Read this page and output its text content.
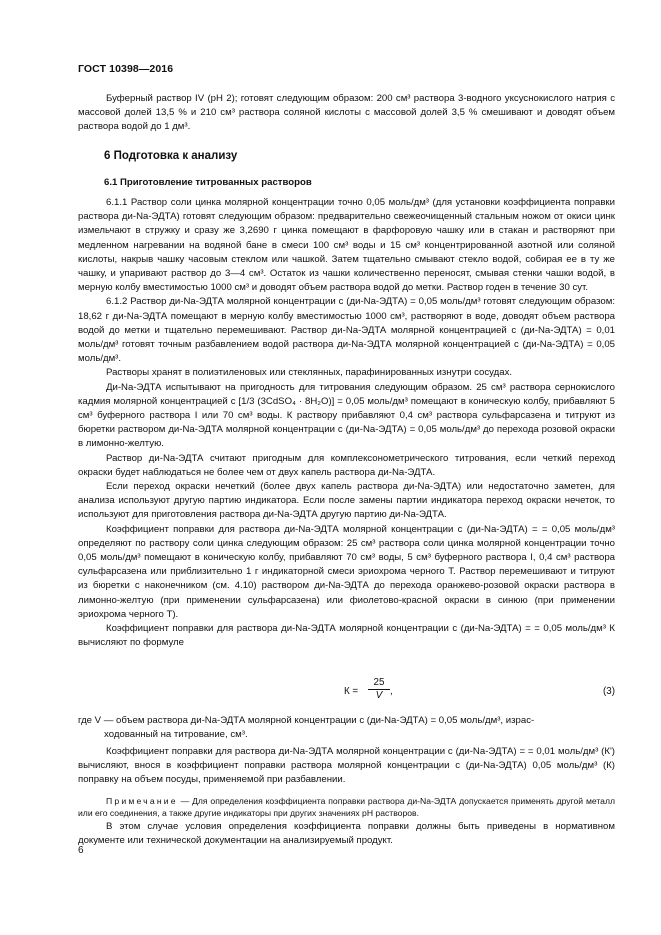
ГОСТ 10398—2016

Буферный раствор IV (pH 2); готовят следующим образом: 200 см³ раствора 3-водного уксуснокислого натрия с массовой долей 13,5 % и 210 см³ раствора соляной кислоты с массовой долей 3,5 % смешивают и доводят объем раствора водой до 1 дм³.

6 Подготовка к анализу
6.1 Приготовление титрованных растворов

6.1.1 Раствор соли цинка молярной концентрации точно 0,05 моль/дм³ (для установки коэффициента поправки раствора ди-Na-ЭДТА) готовят следующим образом: предварительно свежеочищенный стальным ножом от окиси цинк измельчают в стружку и сразу же 3,2690 г цинка помещают в фарфоровую чашку или в стакан и растворяют при медленном нагревании на водяной бане в смеси 100 см³ воды и 15 см³ концентрированной азотной или соляной кислоты, накрыв чашку часовым стеклом или чашкой. Затем тщательно смывают стекло водой, собирая ее в ту же чашку, и упаривают раствор до 3—4 см³. Остаток из чашки количественно переносят, смывая стенки чашки водой, в мерную колбу вместимостью 1000 см³ и доводят объем раствора водой до метки. Раствор годен в течение 30 сут.

6.1.2 Раствор ди-Na-ЭДТА молярной концентрации c (ди-Na-ЭДТА) = 0,05 моль/дм³ готовят следующим образом: 18,62 г ди-Na-ЭДТА помещают в мерную колбу вместимостью 1000 см³, растворяют в воде, доводят объем раствора водой до метки и тщательно перемешивают. Раствор ди-Na-ЭДТА молярной концентрацией c (ди-Na-ЭДТА) = 0,01 моль/дм³ готовят точным разбавлением водой раствора ди-Na-ЭДТА молярной концентрацией c (ди-Na-ЭДТА) = 0,05 моль/дм³.

Растворы хранят в полиэтиленовых или стеклянных, парафинированных изнутри сосудах.

Ди-Na-ЭДТА испытывают на пригодность для титрования следующим образом. 25 см³ раствора сернокислого кадмия молярной концентрацией c [1/3 (3CdSO₄ · 8H₂O)] = 0,05 моль/дм³ помещают в коническую колбу, прибавляют 5 см³ буферного раствора I или 70 см³ воды. К раствору прибавляют 0,4 см³ раствора сульфарсазена и титруют из бюретки раствором ди-Na-ЭДТА молярной концентрации c (ди-Na-ЭДТА) = 0,05 моль/дм³ до перехода розовой окраски в лимонно-желтую.

Раствор ди-Na-ЭДТА считают пригодным для комплексонометрического титрования, если четкий переход окраски будет наблюдаться не более чем от двух капель раствора ди-Na-ЭДТА.

Если переход окраски нечеткий (более двух капель раствора ди-Na-ЭДТА) или недостаточно заметен, для анализа используют другую партию индикатора. Если после замены партии индикатора переход окраски нечеток, то используют для приготовления раствора ди-Na-ЭДТА другую партию ди-Na-ЭДТА.

Коэффициент поправки для раствора ди-Na-ЭДТА молярной концентрации c (ди-Na-ЭДТА) = = 0,05 моль/дм³ определяют по раствору соли цинка следующим образом: 25 см³ раствора соли цинка молярной концентрации точно 0,05 моль/дм³ помещают в коническую колбу, прибавляют 70 см³ воды, 5 см³ буферного раствора I, 0,4 см³ раствора сульфарсазена или приблизительно 1 г индикаторной смеси эриохрома черного Т. Раствор перемешивают и титруют из бюретки с наконечником (см. 4.10) раствором ди-Na-ЭДТА до перехода оранжево-розовой окраски раствора в лимонно-желтую (при применении сульфарсазена) или фиолетово-красной окраски в синюю (при применении эриохрома черного Т).

Коэффициент поправки для раствора ди-Na-ЭДТА молярной концентрации c (ди-Na-ЭДТА) = = 0,05 моль/дм³ К вычисляют по формуле

$К = \frac{25}{V}$ ,	(3)

где V — объем раствора ди-Na-ЭДТА молярной концентрации c (ди-Na-ЭДТА) = 0,05 моль/дм³, израс-

ходованный на титрование, см³.

Коэффициент поправки для раствора ди-Na-ЭДТА молярной концентрации c (ди-Na-ЭДТА) = = 0,01 моль/дм³ (К') вычисляют, внося в коэффициент поправки раствора молярной концентрации c (ди-Na-ЭДТА) 0,05 моль/дм³ (К) поправку на объем посуды, применяемой при разбавлении.

Примечание — Для определения коэффициента поправки раствора ди-Na-ЭДТА допускается применять другой металл или его соединения, а также другие индикаторы при других значениях pH растворов.

В этом случае условия определения коэффициента поправки должны быть приведены в нормативном документе или технической документации на анализируемый продукт.

6
